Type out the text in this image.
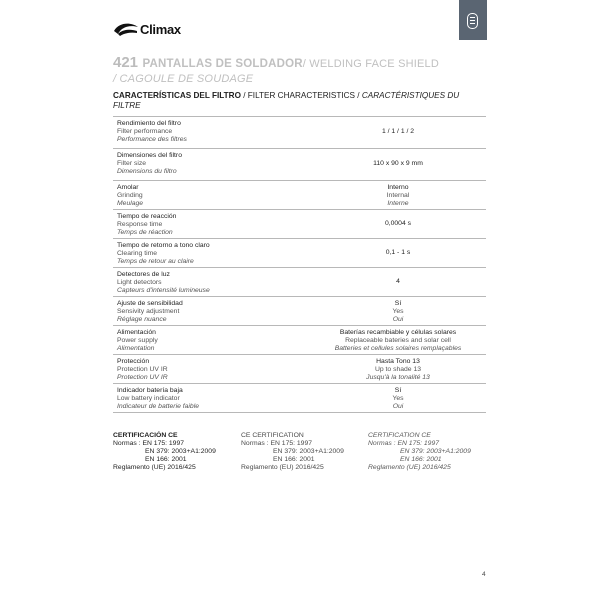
Climax
421 PANTALLAS DE SOLDADOR/ WELDING FACE SHIELD
/ CAGOULE DE SOUDAGE
CARACTERÍSTICAS DEL FILTRO / FILTER CHARACTERISTICS / CARACTÉRISTIQUES DU FILTRE
Rendimiento del filtro
Filter performance
Performance des filtres
1 / 1 / 1 / 2
Dimensiones del filtro
Filter size
Dimensions du filtro
110 x 90 x 9 mm
Amolar
Grinding
Meulage
Interno
Internal
Interne
Tiempo de reacción
Response time
Temps de réaction
0,0004 s
Tiempo de retorno a tono claro
Clearing time
Temps de retour au claire
0,1 - 1 s
Detectores de luz
Light detectors
Capteurs d'intensité lumineuse
4
Ajuste de sensibilidad
Sensivity adjustment
Réglage nuance
Sí
Yes
Oui
Alimentación
Power supply
Alimentation
Baterías recambiable y células solares
Replaceable bateries and solar cell
Batteries et cellules solaires remplaçables
Protección
Protection UV IR
Protection UV IR
Hasta Tono 13
Up to shade 13
Jusqu'à la tonalité 13
Indicador batería baja
Low battery indicator
Indicateur de batterie faible
Sí
Yes
Oui
CERTIFICACIÓN CE
Normas : EN 175: 1997
EN 379: 2003+A1:2009
EN 166: 2001
Reglamento (UE) 2016/425
CE CERTIFICATION
Normas : EN 175: 1997
EN 379: 2003+A1:2009
EN 166: 2001
Reglamento (EU) 2016/425
CERTIFICATION CE
Normas : EN 175: 1997
EN 379: 2003+A1:2009
EN 166: 2001
Reglamento (UE) 2016/425
4
